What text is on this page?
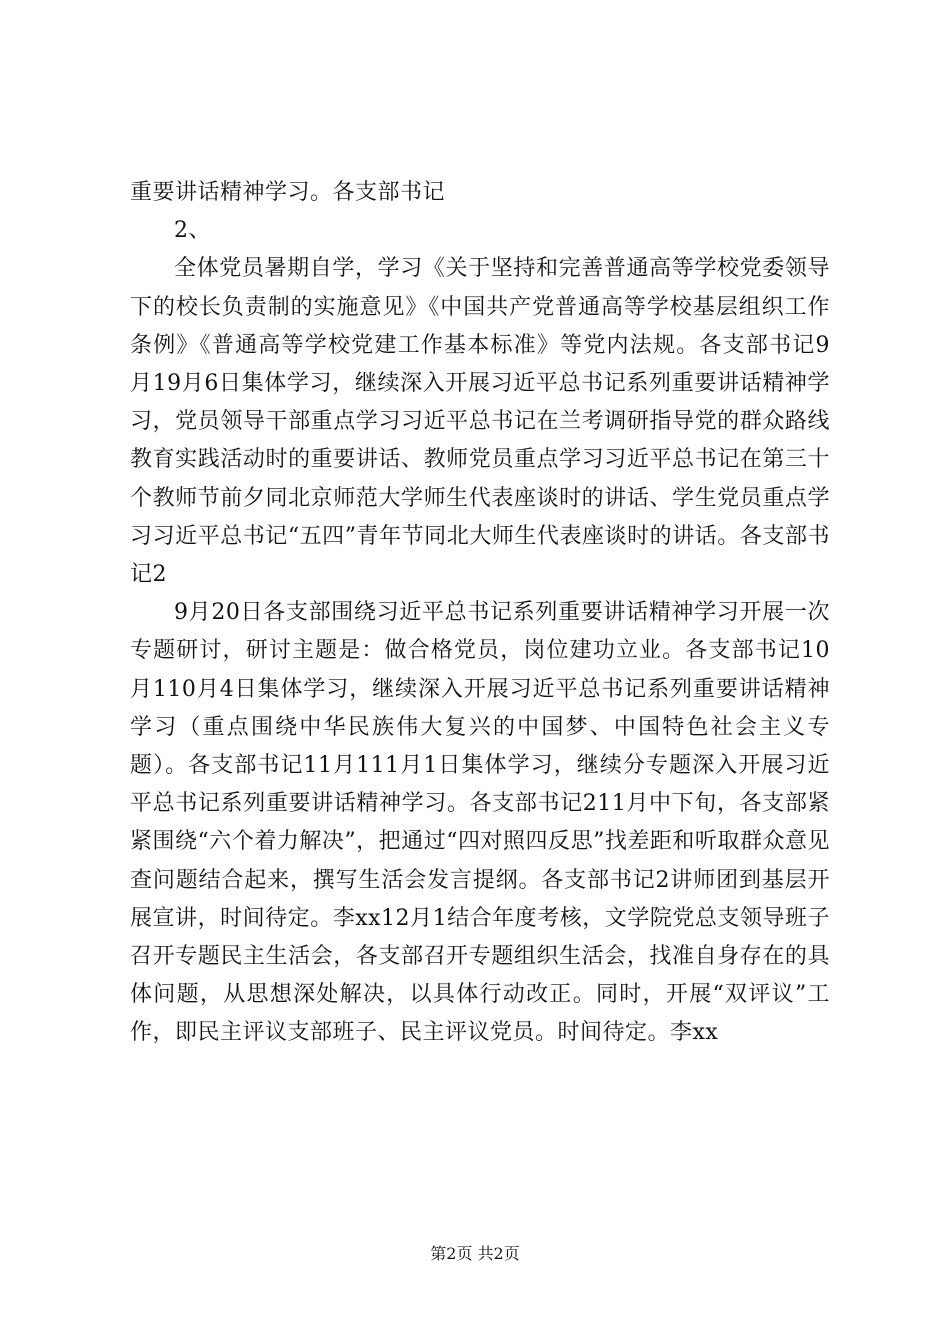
重要讲话精神学习。各支部书记

2、

全体党员暑期自学，学习《关于坚持和完善普通高等学校党委领导下的校长负责制的实施意见》《中国共产党普通高等学校基层组织工作条例》《普通高等学校党建工作基本标准》等党内法规。各支部书记9月19月6日集体学习，继续深入开展习近平总书记系列重要讲话精神学习，党员领导干部重点学习习近平总书记在兰考调研指导党的群众路线教育实践活动时的重要讲话、教师党员重点学习习近平总书记在第三十个教师节前夕同北京师范大学师生代表座谈时的讲话、学生党员重点学习习近平总书记“五四”青年节同北大师生代表座谈时的讲话。各支部书记2

9月20日各支部围绕习近平总书记系列重要讲话精神学习开展一次专题研讨，研讨主题是：做合格党员，岗位建功立业。各支部书记10月110月4日集体学习，继续深入开展习近平总书记系列重要讲话精神学习（重点围绕中华民族伟大复兴的中国梦、中国特色社会主义专题）。各支部书记11月111月1日集体学习，继续分专题深入开展习近平总书记系列重要讲话精神学习。各支部书记211月中下旬，各支部紧紧围绕“六个着力解决”，把通过“四对照四反思”找差距和听取群众意见查问题结合起来，撰写生活会发言提纲。各支部书记2讲师团到基层开展宣讲，时间待定。李xx12月1结合年度考核，文学院党总支领导班子召开专题民主生活会，各支部召开专题组织生活会，找准自身存在的具体问题，从思想深处解决，以具体行动改正。同时，开展“双评议”工作，即民主评议支部班子、民主评议党员。时间待定。李xx

第2页 共2页
